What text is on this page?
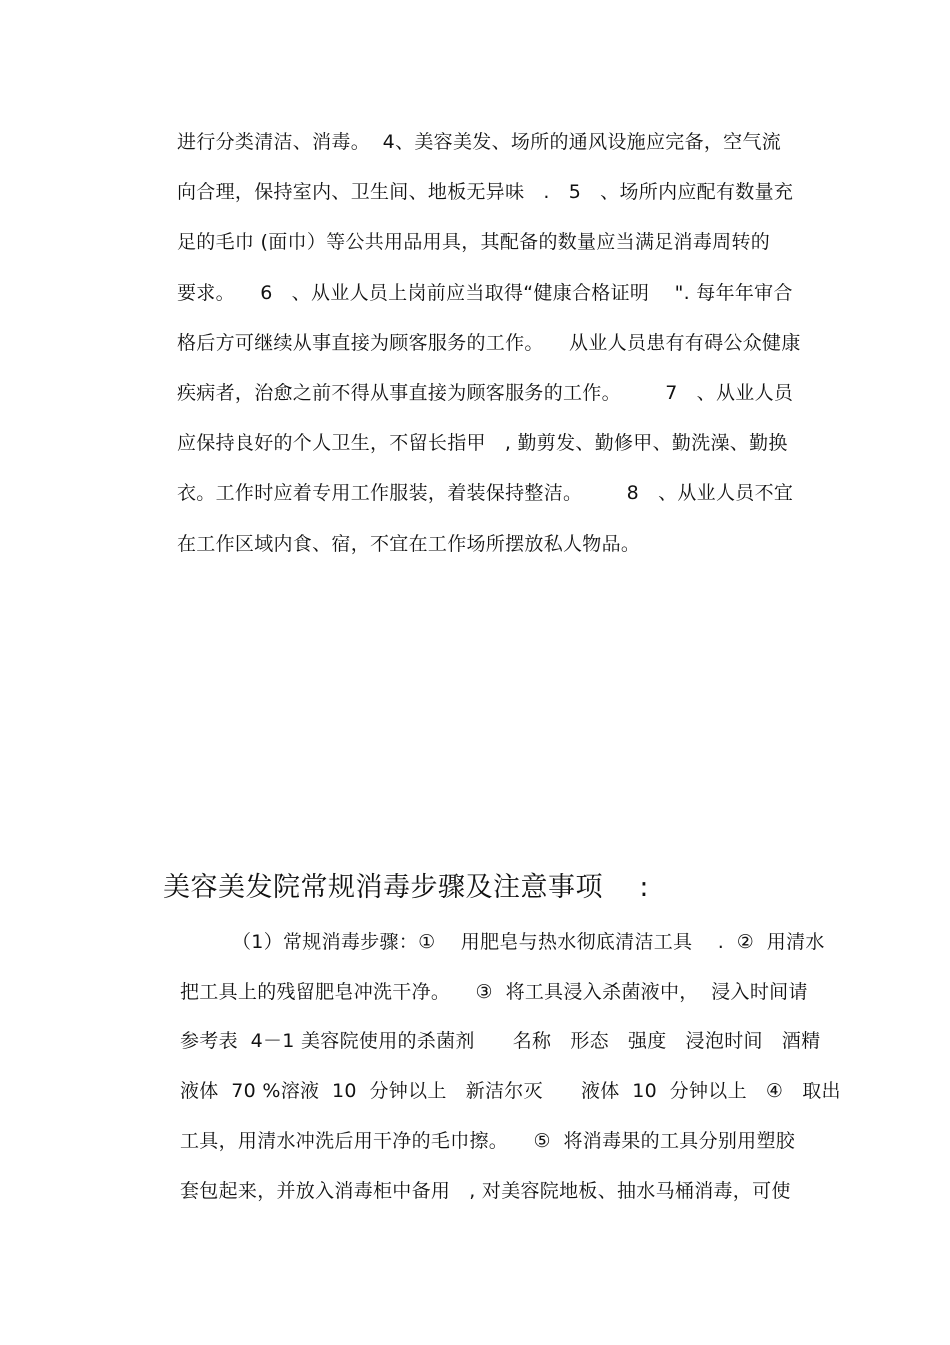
进行分类清洁、消毒。  4、美容美发、场所的通风设施应完备，空气流
向合理，保持室内、卫生间、地板无异味   .   5   、场所内应配有数量充
足的毛巾 (面巾）等公共用品用具，其配备的数量应当满足消毒周转的
要求。    6   、从业人员上岗前应当取得“健康合格证明    ". 每年年审合
格后方可继续从事直接为顾客服务的工作。    从业人员患有有碍公众健康
疾病者，治愈之前不得从事直接为顾客服务的工作。       7   、从业人员
应保持良好的个人卫生，不留长指甲   , 勤剪发、勤修甲、勤洗澡、勤换
衣。工作时应着专用工作服装，着装保持整洁。       8   、从业人员不宜
在工作区域内食、宿，不宜在工作场所摆放私人物品。
美容美发院常规消毒步骤及注意事项    :
（1）常规消毒步骤：①    用肥皂与热水彻底清洁工具    .  ②  用清水
把工具上的残留肥皂冲洗干净。    ③  将工具浸入杀菌液中，  浸入时间请
参考表  4－1 美容院使用的杀菌剂      名称   形态   强度   浸泡时间   酒精
液体  70 %溶液  10  分钟以上   新洁尔灭      液体  10  分钟以上   ④   取出
工具，用清水冲洗后用干净的毛巾擦。    ⑤  将消毒果的工具分别用塑胶
套包起来，并放入消毒柜中备用   , 对美容院地板、抽水马桶消毒，可使
